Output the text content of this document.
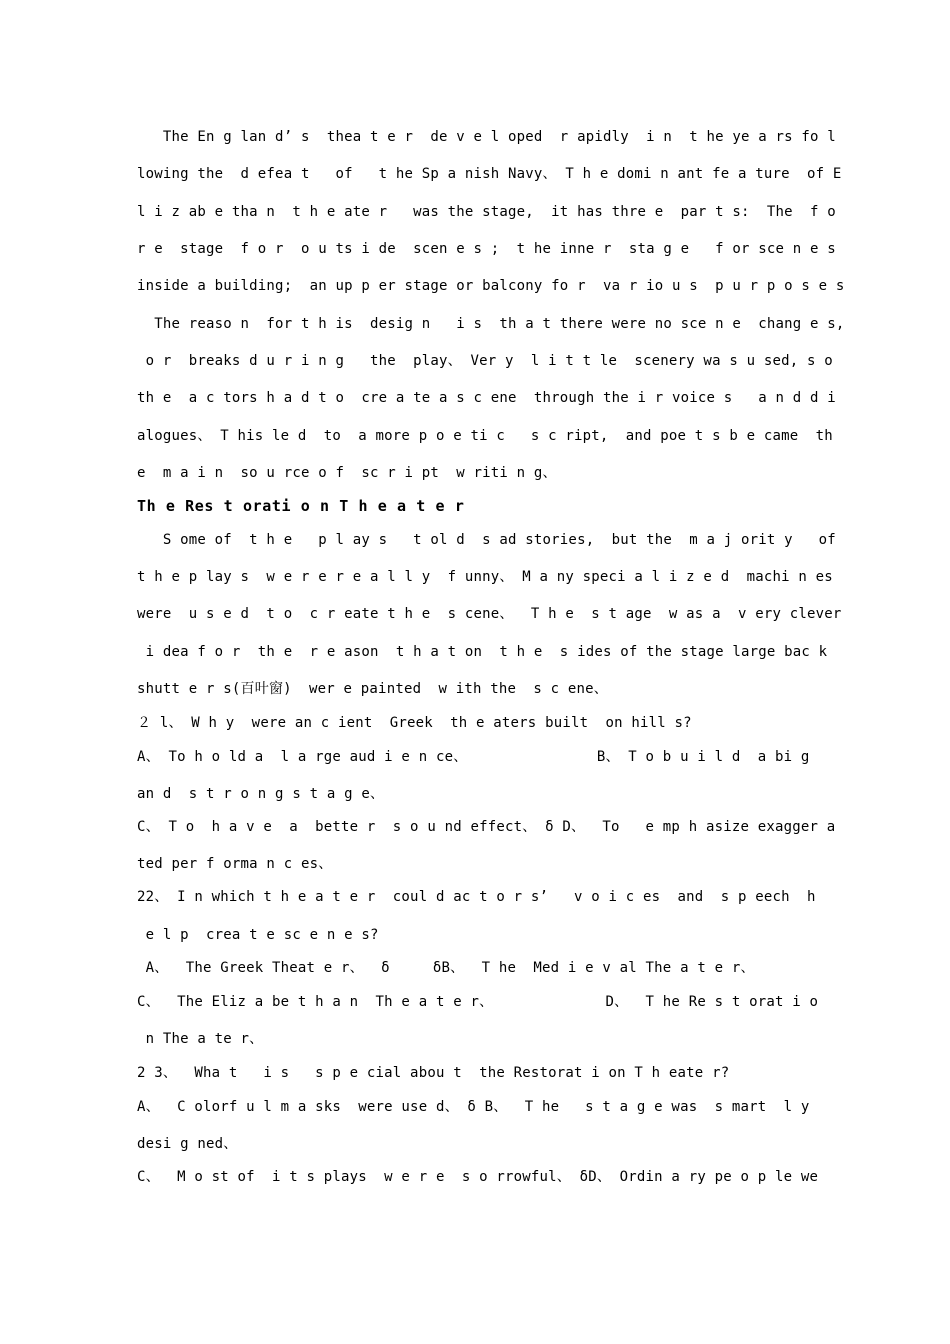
The En g lan d’ s  thea t e r  de v e l oped  r apidly  i n  t he ye a rs fo l
lowing the  d efea t   of   t he Sp a nish Navy、 T h e domi n ant fe a ture  of E
l i z ab e tha n  t h e ate r   was the stage,  it has thre e  par t s:  The  f o
r e  stage  f o r  o u ts i de  scen e s ;  t he inne r  sta g e   f or sce n e s
inside a building;  an up p er stage or balcony fo r  va r io u s  p u r p o s e s
The reaso n  for t h is  desig n   i s  th a t there were no sce n e  chang e s,
o r  breaks d u r i n g   the  play、 Ver y  l i t t le  scenery wa s u sed, s o
th e  a c tors h a d t o  cre a te a s c ene  through the i r voice s   a n d d i
alogues、 T his le d  to  a more p o e ti c   s c ript,  and poe t s b e came  th
e  m a i n  so u rce o f  sc r i pt  w riti n g、
Th e Res t orati o n T h e a t e r
S ome of  t h e   p l ay s   t ol d  s ad stories,  but the  m a j orit y   of
t h e p lay s  w e r e r e a l l y  f unny、 M a ny speci a l i z e d  machi n es
were  u s e d  t o  c r eate t h e  s cene、  T h e  s t age  w as a  v ery clever
i dea f o r  th e  r e ason  t h a t on  t h e  s ides of the stage large bac k
shutt e r s(百叶窗)  wer e painted  w ith the  s c ene、
２ l、 W h y  were an c ient  Greek  th e aters built  on hill s?
A、 To h o ld a  l a rge aud i e n ce、               B、 T o b u i l d  a bi g
an d  s t r o n g s t a g e、
C、 T o  h a v e  a  bette r  s o u nd effect、 δ D、  To   e mp h asize exagger a
ted per f orma n c es、
22、 I n which t h e a t e r  coul d ac t o r s’   v o i c es  and  s p eech  h
e l p  crea t e sc e n e s?
A、  The Greek Theat e r、  δ     δB、  T he  Med i e v al The a t e r、
C、  The Eliz a be t h a n  Th e a t e r、             D、  T he Re s t orat i o
n The a te r、
2 3、  Wha t   i s   s p e cial abou t  the Restorat i on T h eate r?
A、  C olorf u l m a sks  were use d、 δ B、  T he   s t a g e was  s mart  l y
desi g ned、
C、  M o st of  i t s plays  w e r e  s o rrowful、 δD、 Ordin a ry pe o p le we
